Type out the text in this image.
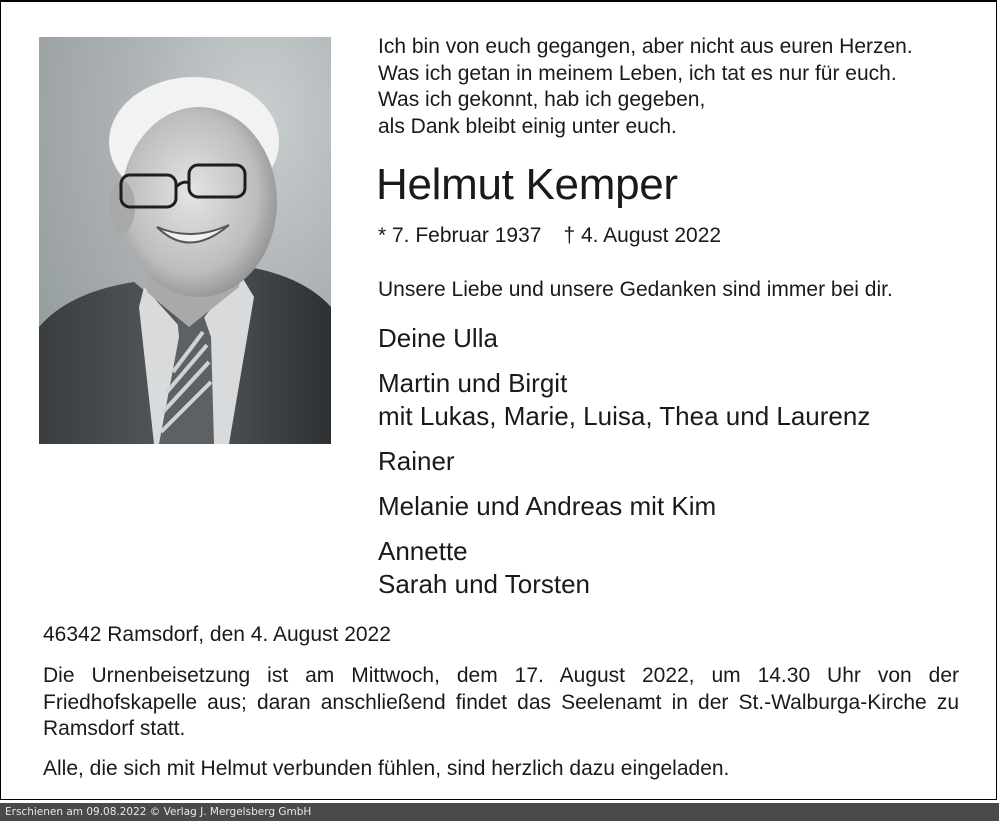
Ich bin von euch gegangen, aber nicht aus euren Herzen.
Was ich getan in meinem Leben, ich tat es nur für euch.
Was ich gekonnt, hab ich gegeben,
als Dank bleibt einig unter euch.
Helmut Kemper
* 7. Februar 1937 † 4. August 2022
Unsere Liebe und unsere Gedanken sind immer bei dir.
Deine Ulla
Martin und Birgit
mit Lukas, Marie, Luisa, Thea und Laurenz
Rainer
Melanie und Andreas mit Kim
Annette
Sarah und Torsten
46342 Ramsdorf, den 4. August 2022
Die Urnenbeisetzung ist am Mittwoch, dem 17. August 2022, um 14.30 Uhr von der Friedhofskapelle aus; daran anschließend findet das Seelenamt in der St.-Walburga-Kirche zu Ramsdorf statt.
Alle, die sich mit Helmut verbunden fühlen, sind herzlich dazu eingeladen.
Erschienen am 09.08.2022 © Verlag J. Mergelsberg GmbH
